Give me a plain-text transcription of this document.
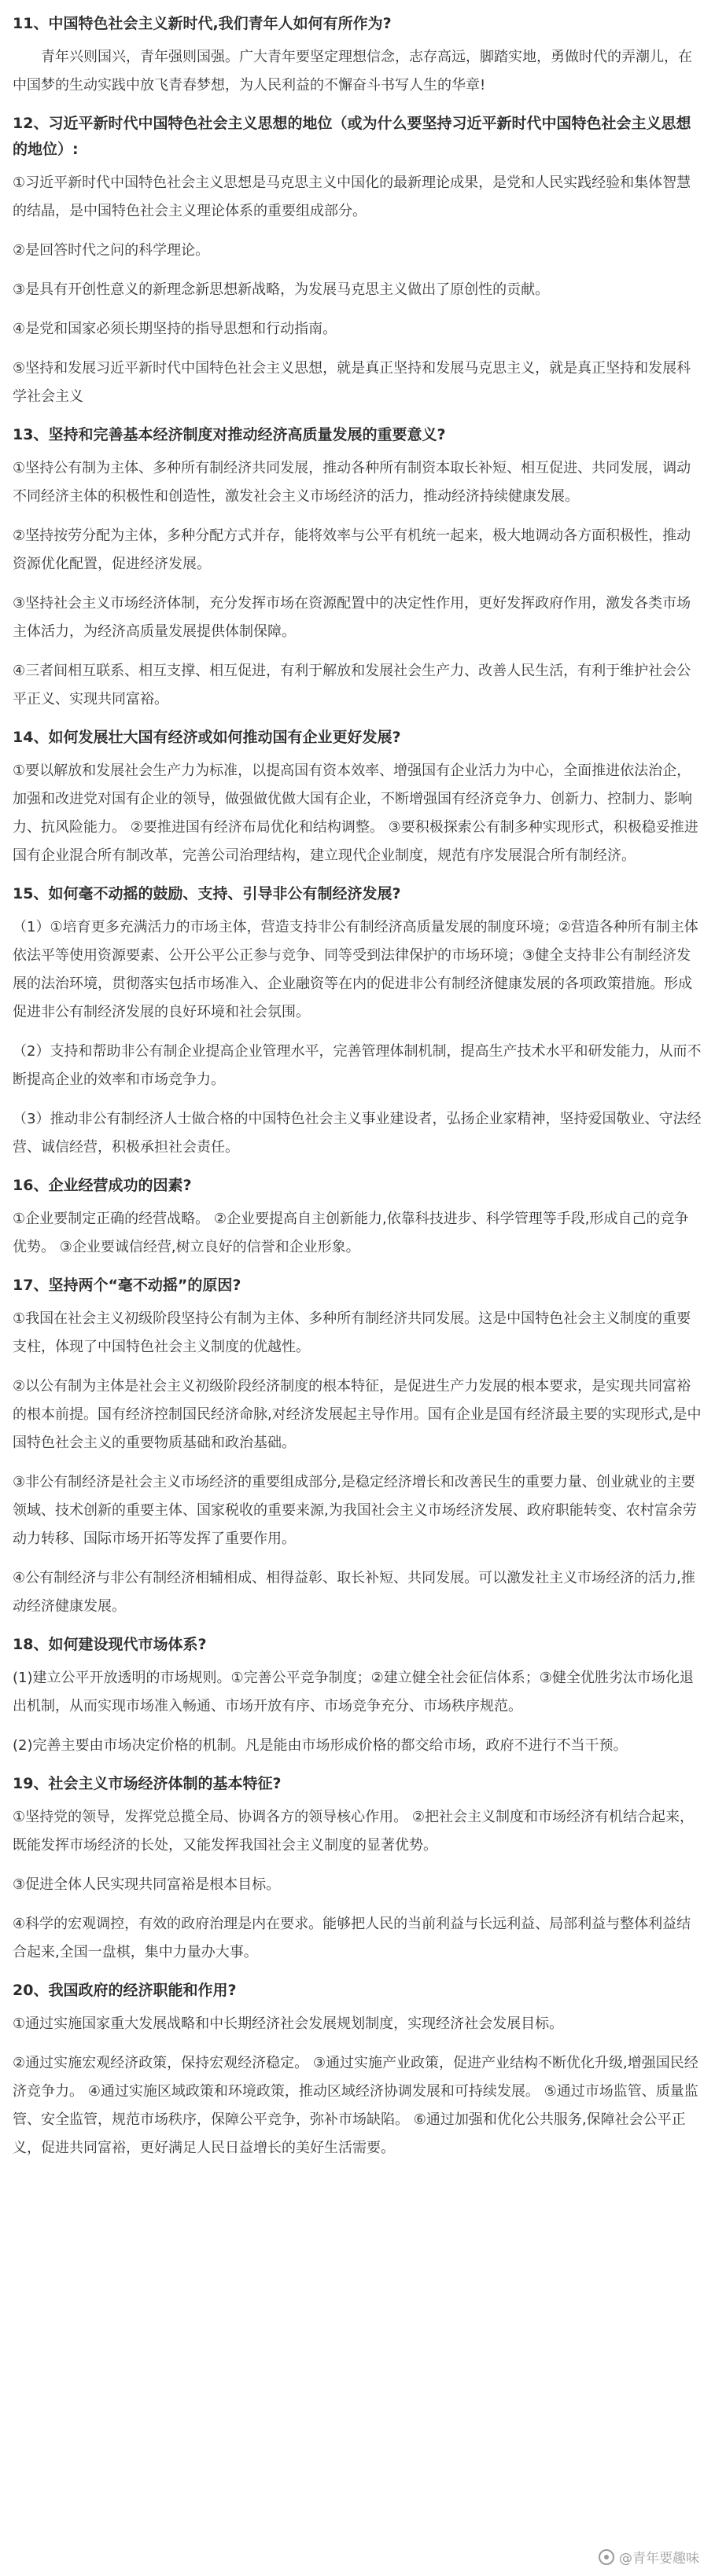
11、中国特色社会主义新时代,我们青年人如何有所作为?
青年兴则国兴，青年强则国强。广大青年要坚定理想信念，志存高远，脚踏实地，勇做时代的弄潮儿，在中国梦的生动实践中放飞青春梦想，为人民利益的不懈奋斗书写人生的华章!
12、习近平新时代中国特色社会主义思想的地位（或为什么要坚持习近平新时代中国特色社会主义思想的地位）:
①习近平新时代中国特色社会主义思想是马克思主义中国化的最新理论成果，是党和人民实践经验和集体智慧的结晶，是中国特色社会主义理论体系的重要组成部分。
②是回答时代之问的科学理论。
③是具有开创性意义的新理念新思想新战略，为发展马克思主义做出了原创性的贡献。
④是党和国家必须长期坚持的指导思想和行动指南。
⑤坚持和发展习近平新时代中国特色社会主义思想，就是真正坚持和发展马克思主义，就是真正坚持和发展科学社会主义
13、坚持和完善基本经济制度对推动经济高质量发展的重要意义?
①坚持公有制为主体、多种所有制经济共同发展，推动各种所有制资本取长补短、相互促进、共同发展，调动不同经济主体的积极性和创造性，激发社会主义市场经济的活力，推动经济持续健康发展。
②坚持按劳分配为主体，多种分配方式并存，能将效率与公平有机统一起来，极大地调动各方面积极性，推动资源优化配置，促进经济发展。
③坚持社会主义市场经济体制，充分发挥市场在资源配置中的决定性作用，更好发挥政府作用，激发各类市场主体活力，为经济高质量发展提供体制保障。
④三者间相互联系、相互支撑、相互促进，有利于解放和发展社会生产力、改善人民生活，有利于维护社会公平正义、实现共同富裕。
14、如何发展壮大国有经济或如何推动国有企业更好发展?
①要以解放和发展社会生产力为标准，以提高国有资本效率、增强国有企业活力为中心，全面推进依法治企，加强和改进党对国有企业的领导，做强做优做大国有企业，不断增强国有经济竞争力、创新力、控制力、影响力、抗风险能力。 ②要推进国有经济布局优化和结构调整。 ③要积极探索公有制多种实现形式，积极稳妥推进国有企业混合所有制改革，完善公司治理结构，建立现代企业制度，规范有序发展混合所有制经济。
15、如何毫不动摇的鼓励、支持、引导非公有制经济发展?
（1）①培育更多充满活力的市场主体，营造支持非公有制经济高质量发展的制度环境；②营造各种所有制主体依法平等使用资源要素、公开公平公正参与竞争、同等受到法律保护的市场环境；③健全支持非公有制经济发展的法治环境，贯彻落实包括市场准入、企业融资等在内的促进非公有制经济健康发展的各项政策措施。形成促进非公有制经济发展的良好环境和社会氛围。
（2）支持和帮助非公有制企业提高企业管理水平，完善管理体制机制，提高生产技术水平和研发能力，从而不断提高企业的效率和市场竞争力。
（3）推动非公有制经济人士做合格的中国特色社会主义事业建设者，弘扬企业家精神，坚持爱国敬业、守法经营、诚信经营，积极承担社会责任。
16、企业经营成功的因素?
①企业要制定正确的经营战略。 ②企业要提高自主创新能力,依靠科技进步、科学管理等手段,形成自己的竞争优势。 ③企业要诚信经营,树立良好的信誉和企业形象。
17、坚持两个“毫不动摇”的原因?
①我国在社会主义初级阶段坚持公有制为主体、多种所有制经济共同发展。这是中国特色社会主义制度的重要支柱，体现了中国特色社会主义制度的优越性。
②以公有制为主体是社会主义初级阶段经济制度的根本特征，是促进生产力发展的根本要求，是实现共同富裕的根本前提。国有经济控制国民经济命脉,对经济发展起主导作用。国有企业是国有经济最主要的实现形式,是中国特色社会主义的重要物质基础和政治基础。
③非公有制经济是社会主义市场经济的重要组成部分,是稳定经济增长和改善民生的重要力量、创业就业的主要领域、技术创新的重要主体、国家税收的重要来源,为我国社会主义市场经济发展、政府职能转变、农村富余劳动力转移、国际市场开拓等发挥了重要作用。
④公有制经济与非公有制经济相辅相成、相得益彰、取长补短、共同发展。可以激发社主义市场经济的活力,推动经济健康发展。
18、如何建设现代市场体系?
(1)建立公平开放透明的市场规则。①完善公平竞争制度；②建立健全社会征信体系；③健全优胜劣汰市场化退出机制，从而实现市场准入畅通、市场开放有序、市场竞争充分、市场秩序规范。
(2)完善主要由市场决定价格的机制。凡是能由市场形成价格的都交给市场，政府不进行不当干预。
19、社会主义市场经济体制的基本特征?
①坚持党的领导，发挥党总揽全局、协调各方的领导核心作用。 ②把社会主义制度和市场经济有机结合起来，既能发挥市场经济的长处，又能发挥我国社会主义制度的显著优势。
③促进全体人民实现共同富裕是根本目标。
④科学的宏观调控，有效的政府治理是内在要求。能够把人民的当前利益与长远利益、局部利益与整体利益结合起来,全国一盘棋，集中力量办大事。
20、我国政府的经济职能和作用?
①通过实施国家重大发展战略和中长期经济社会发展规划制度，实现经济社会发展目标。
②通过实施宏观经济政策，保持宏观经济稳定。 ③通过实施产业政策，促进产业结构不断优化升级,增强国民经济竞争力。 ④通过实施区域政策和环境政策，推动区域经济协调发展和可持续发展。 ⑤通过市场监管、质量监管、安全监管，规范市场秩序，保障公平竞争，弥补市场缺陷。 ⑥通过加强和优化公共服务,保障社会公平正义，促进共同富裕，更好满足人民日益增长的美好生活需要。
@青年要趣味
